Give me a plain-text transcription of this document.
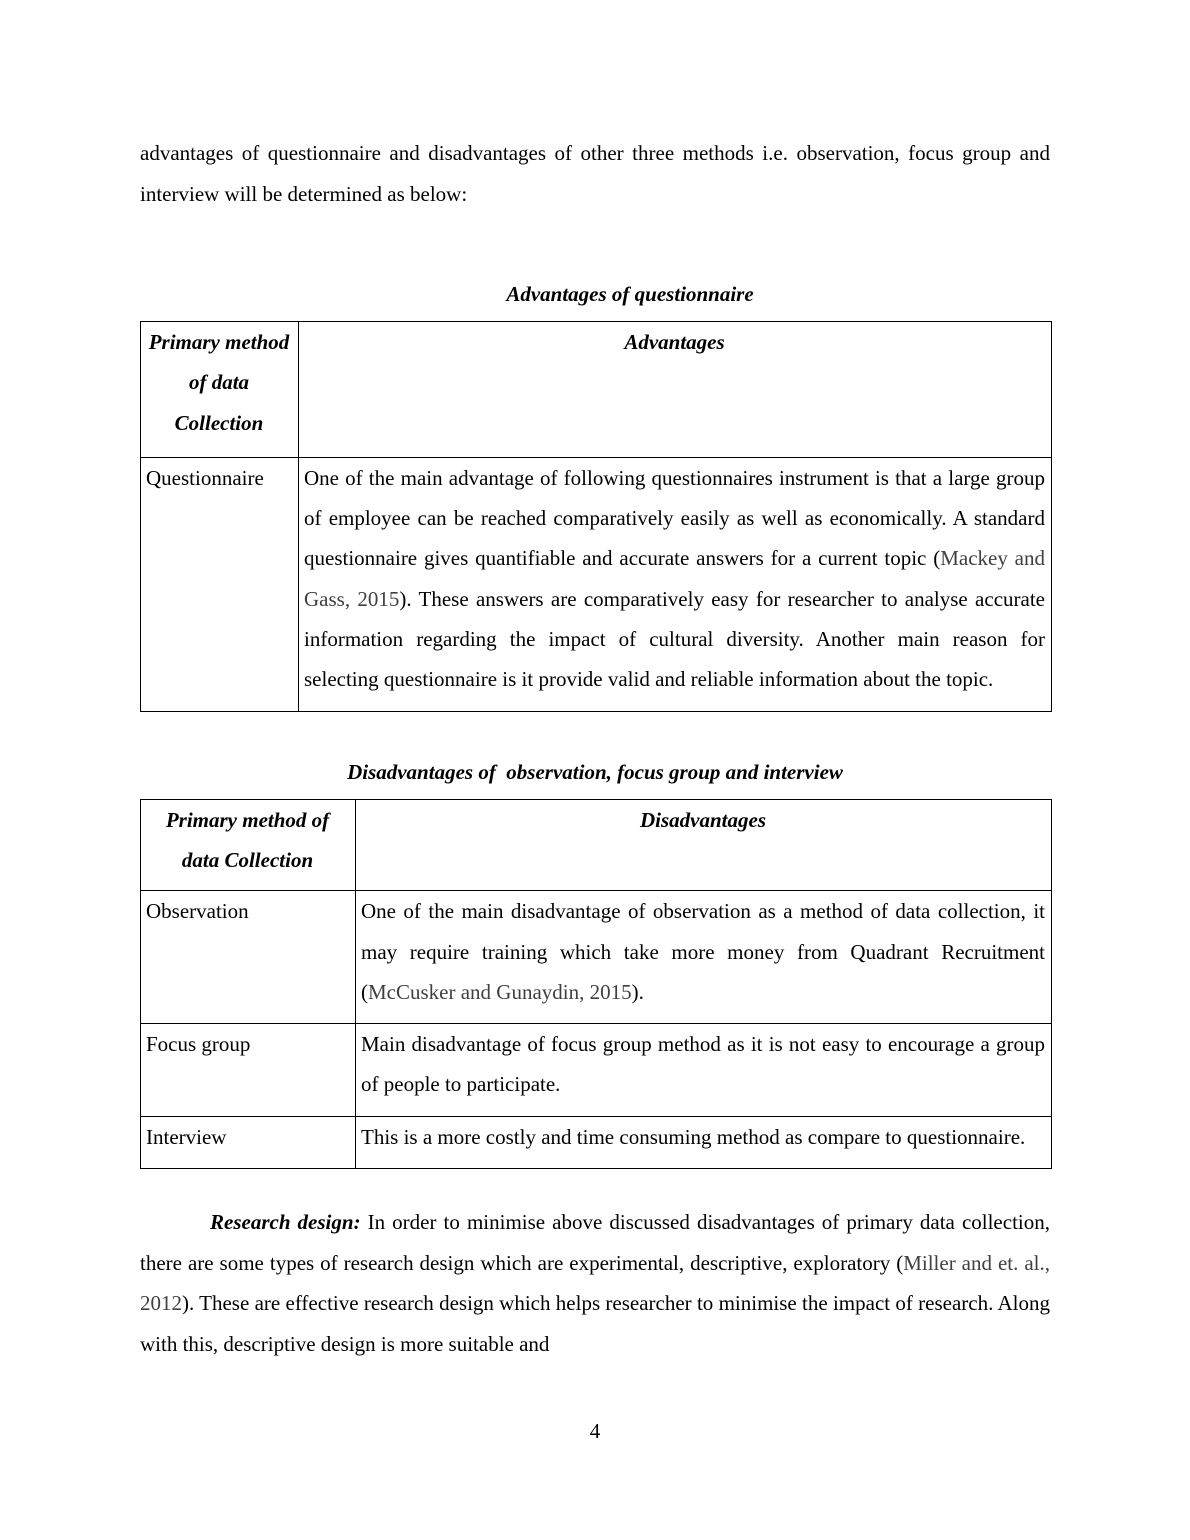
advantages of questionnaire and disadvantages of other three methods i.e. observation, focus group and interview will be determined as below:

Advantages of questionnaire

Primary method of data Collection	Advantages
Questionnaire	One of the main advantage of following questionnaires instrument is that a large group of employee can be reached comparatively easily as well as economically. A standard questionnaire gives quantifiable and accurate answers for a current topic (Mackey and Gass, 2015). These answers are comparatively easy for researcher to analyse accurate information regarding the impact of cultural diversity. Another main reason for selecting questionnaire is it provide valid and reliable information about the topic.

Disadvantages of  observation, focus group and interview

Primary method of data Collection	Disadvantages
Observation	One of the main disadvantage of observation as a method of data collection, it may require training which take more money from Quadrant Recruitment (McCusker and Gunaydin, 2015).
Focus group	Main disadvantage of focus group method as it is not easy to encourage a group of people to participate.
Interview	This is a more costly and time consuming method as compare to questionnaire.

Research design: In order to minimise above discussed disadvantages of primary data collection, there are some types of research design which are experimental, descriptive, exploratory (Miller and et. al., 2012). These are effective research design which helps researcher to minimise the impact of research. Along with this, descriptive design is more suitable and

4
